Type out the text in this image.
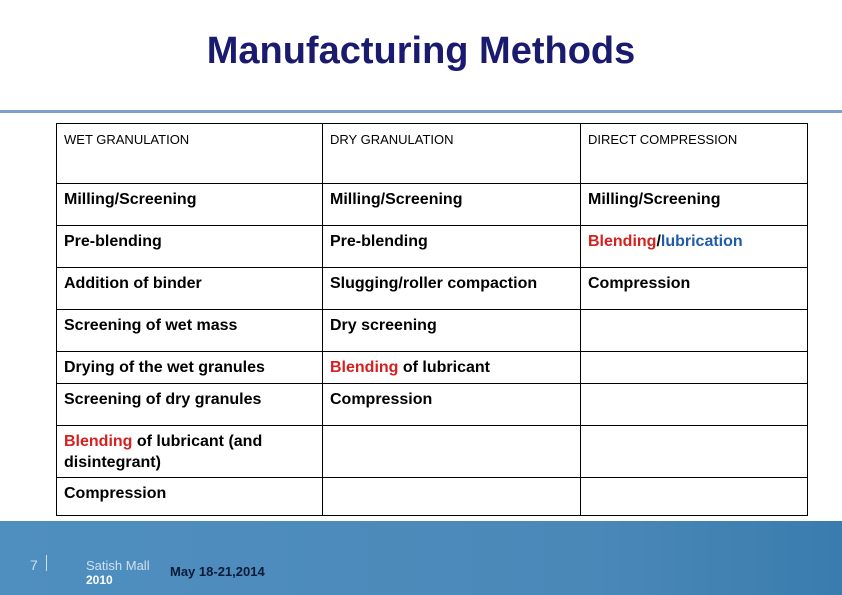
Manufacturing Methods
WET GRANULATION	DRY GRANULATION	DIRECT COMPRESSION
Milling/Screening	Milling/Screening	Milling/Screening
Pre-blending	Pre-blending	Blending/lubrication
Addition of binder	Slugging/roller compaction	Compression
Screening of wet mass	Dry screening	
Drying of the wet granules	Blending of lubricant	
Screening of dry granules	Compression	
Blending of lubricant (and disintegrant)		
Compression		
7	Satish Mall
2010
May 18-21,2014
